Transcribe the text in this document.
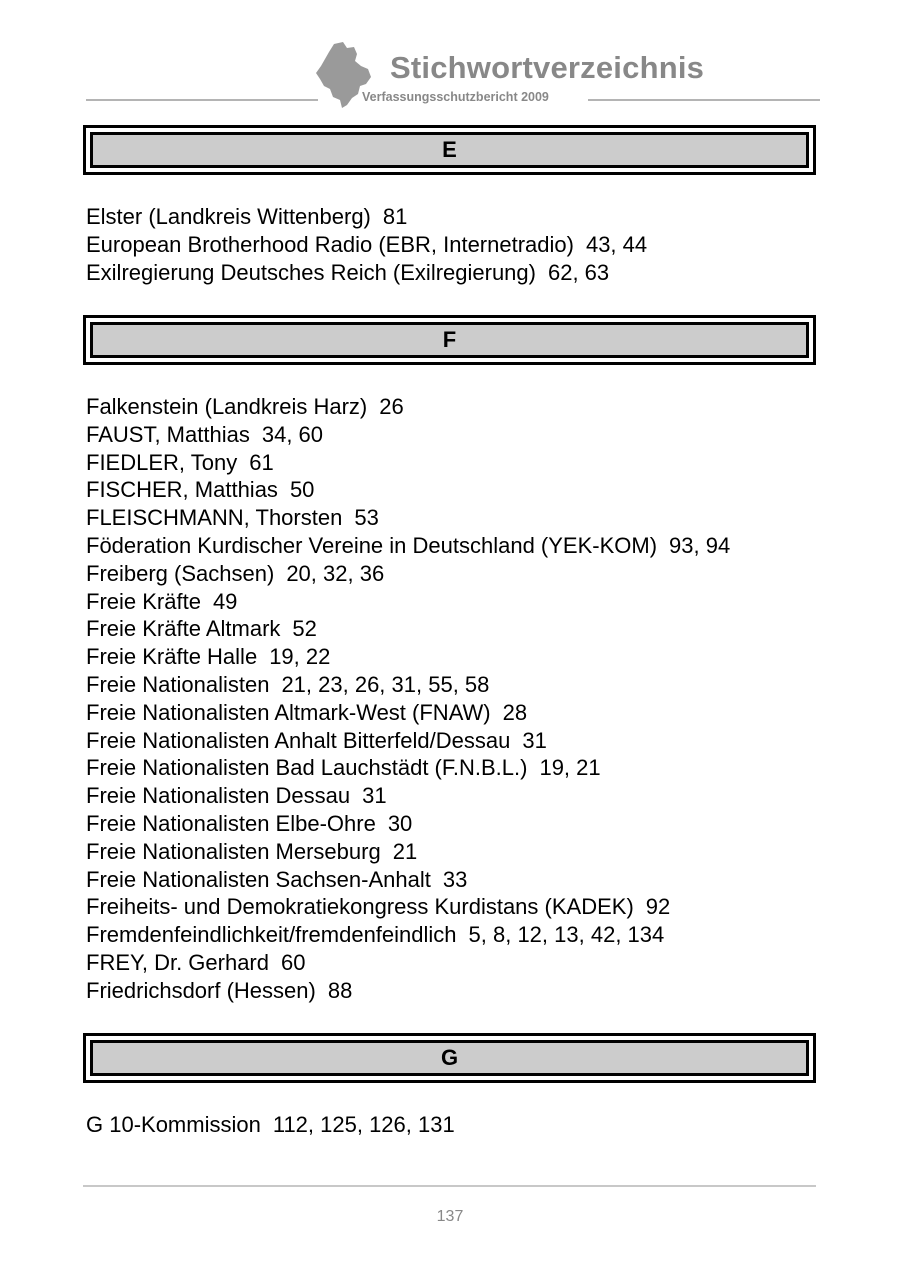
Stichwortverzeichnis
Verfassungsschutzbericht 2009
E
Elster (Landkreis Wittenberg) 81
European Brotherhood Radio (EBR, Internetradio) 43, 44
Exilregierung Deutsches Reich (Exilregierung) 62, 63
F
Falkenstein (Landkreis Harz) 26
FAUST, Matthias 34, 60
FIEDLER, Tony 61
FISCHER, Matthias 50
FLEISCHMANN, Thorsten 53
Föderation Kurdischer Vereine in Deutschland (YEK-KOM) 93, 94
Freiberg (Sachsen) 20, 32, 36
Freie Kräfte 49
Freie Kräfte Altmark 52
Freie Kräfte Halle 19, 22
Freie Nationalisten 21, 23, 26, 31, 55, 58
Freie Nationalisten Altmark-West (FNAW) 28
Freie Nationalisten Anhalt Bitterfeld/Dessau 31
Freie Nationalisten Bad Lauchstädt (F.N.B.L.) 19, 21
Freie Nationalisten Dessau 31
Freie Nationalisten Elbe-Ohre 30
Freie Nationalisten Merseburg 21
Freie Nationalisten Sachsen-Anhalt 33
Freiheits- und Demokratiekongress Kurdistans (KADEK) 92
Fremdenfeindlichkeit/fremdenfeindlich 5, 8, 12, 13, 42, 134
FREY, Dr. Gerhard 60
Friedrichsdorf (Hessen) 88
G
G 10-Kommission 112, 125, 126, 131
137
